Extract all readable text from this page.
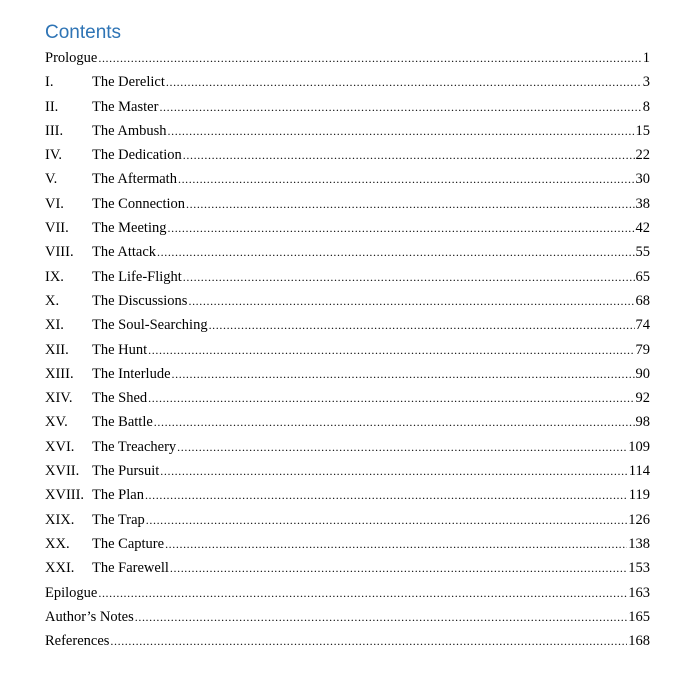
Contents
Prologue .....	1
I.	The Derelict .....	3
II.	The Master .....	8
III.	The Ambush .....	15
IV.	The Dedication .....	22
V.	The Aftermath .....	30
VI.	The Connection .....	38
VII.	The Meeting .....	42
VIII.	The Attack .....	55
IX.	The Life-Flight .....	65
X.	The Discussions .....	68
XI.	The Soul-Searching .....	74
XII.	The Hunt .....	79
XIII.	The Interlude .....	90
XIV.	The Shed .....	92
XV.	The Battle .....	98
XVI.	The Treachery .....	109
XVII. The Pursuit .....	114
XVIII. The Plan .....	119
XIX.	The Trap .....	126
XX.	The Capture .....	138
XXI.	The Farewell .....	153
Epilogue .....	163
Author’s Notes .....	165
References .....	168
